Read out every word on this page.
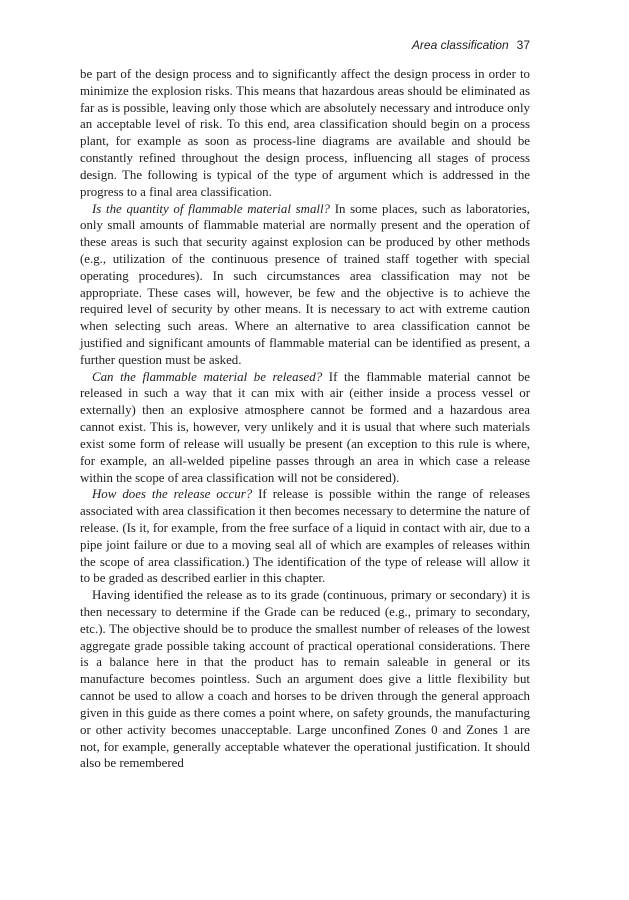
Area classification 37

be part of the design process and to significantly affect the design process in order to minimize the explosion risks. This means that hazardous areas should be eliminated as far as is possible, leaving only those which are absolutely necessary and introduce only an acceptable level of risk. To this end, area classification should begin on a process plant, for example as soon as process-line diagrams are available and should be constantly refined throughout the design process, influencing all stages of process design. The following is typical of the type of argument which is addressed in the progress to a final area classification.

Is the quantity of flammable material small? In some places, such as laboratories, only small amounts of flammable material are normally present and the operation of these areas is such that security against explosion can be produced by other methods (e.g., utilization of the continuous presence of trained staff together with special operating procedures). In such circumstances area classification may not be appropriate. These cases will, however, be few and the objective is to achieve the required level of security by other means. It is necessary to act with extreme caution when selecting such areas. Where an alternative to area classification cannot be justified and significant amounts of flammable material can be identified as present, a further question must be asked.

Can the flammable material be released? If the flammable material cannot be released in such a way that it can mix with air (either inside a process vessel or externally) then an explosive atmosphere cannot be formed and a hazardous area cannot exist. This is, however, very unlikely and it is usual that where such materials exist some form of release will usually be present (an exception to this rule is where, for example, an all-welded pipeline passes through an area in which case a release within the scope of area classification will not be considered).

How does the release occur? If release is possible within the range of releases associated with area classification it then becomes necessary to determine the nature of release. (Is it, for example, from the free surface of a liquid in contact with air, due to a pipe joint failure or due to a moving seal all of which are examples of releases within the scope of area classification.) The identification of the type of release will allow it to be graded as described earlier in this chapter.

Having identified the release as to its grade (continuous, primary or secondary) it is then necessary to determine if the Grade can be reduced (e.g., primary to secondary, etc.). The objective should be to produce the smallest number of releases of the lowest aggregate grade possible taking account of practical operational considerations. There is a balance here in that the product has to remain saleable in general or its manufacture becomes pointless. Such an argument does give a little flexibility but cannot be used to allow a coach and horses to be driven through the general approach given in this guide as there comes a point where, on safety grounds, the manufacturing or other activity becomes unacceptable. Large unconfined Zones 0 and Zones 1 are not, for example, generally acceptable whatever the operational justification. It should also be remembered
